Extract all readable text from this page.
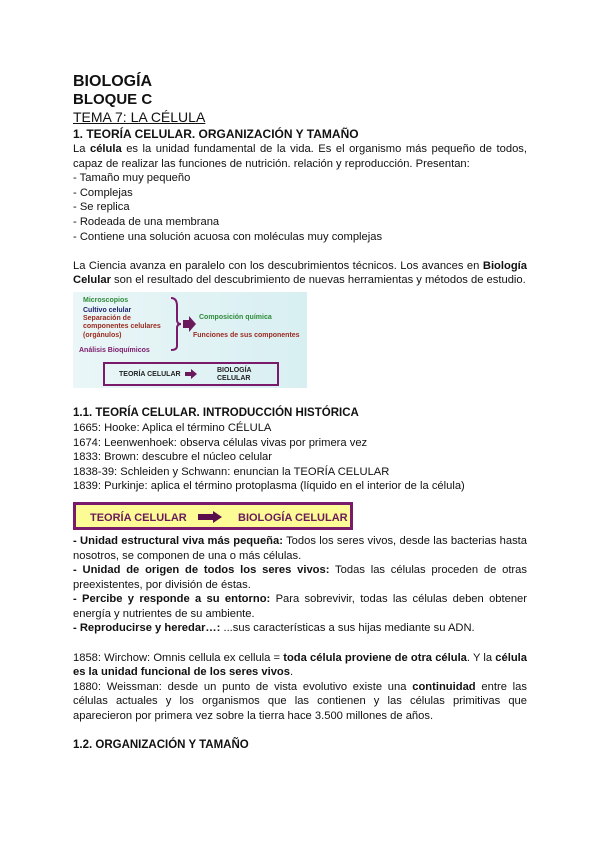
BIOLOGÍA
BLOQUE C
TEMA 7: LA CÉLULA
1. TEORÍA CELULAR. ORGANIZACIÓN Y TAMAÑO
La célula es la unidad fundamental de la vida. Es el organismo más pequeño de todos, capaz de realizar las funciones de nutrición. relación y reproducción. Presentan:
- Tamaño muy pequeño
- Complejas
- Se replica
- Rodeada de una membrana
- Contiene una solución acuosa con moléculas muy complejas
La Ciencia avanza en paralelo con los descubrimientos técnicos. Los avances en Biología Celular son el resultado del descubrimiento de nuevas herramientas y métodos de estudio.
Microscopios
Cultivo celular
Separación de componentes celulares (orgánulos)
Análisis Bioquímicos
Composición química
Funciones de sus componentes
TEORÍA CELULAR
BIOLOGÍA CELULAR
1.1. TEORÍA CELULAR. INTRODUCCIÓN HISTÓRICA
1665: Hooke: Aplica el término CÉLULA
1674: Leenwenhoek: observa células vivas por primera vez
1833: Brown: descubre el núcleo celular
1838-39: Schleiden y Schwann: enuncian la TEORÍA CELULAR
1839: Purkinje: aplica el término protoplasma (líquido en el interior de la célula)
TEORÍA CELULAR	BIOLOGÍA CELULAR
- Unidad estructural viva más pequeña: Todos los seres vivos, desde las bacterias hasta nosotros, se componen de una o más células.
- Unidad de origen de todos los seres vivos: Todas las células proceden de otras preexistentes, por división de éstas.
- Percibe y responde a su entorno: Para sobrevivir, todas las células deben obtener energía y nutrientes de su ambiente.
- Reproducirse y heredar…: ...sus características a sus hijas mediante su ADN.
1858: Wirchow: Omnis cellula ex cellula = toda célula proviene de otra célula. Y la célula es la unidad funcional de los seres vivos.
1880: Weissman: desde un punto de vista evolutivo existe una continuidad entre las células actuales y los organismos que las contienen y las células primitivas que aparecieron por primera vez sobre la tierra hace 3.500 millones de años.
1.2. ORGANIZACIÓN Y TAMAÑO
